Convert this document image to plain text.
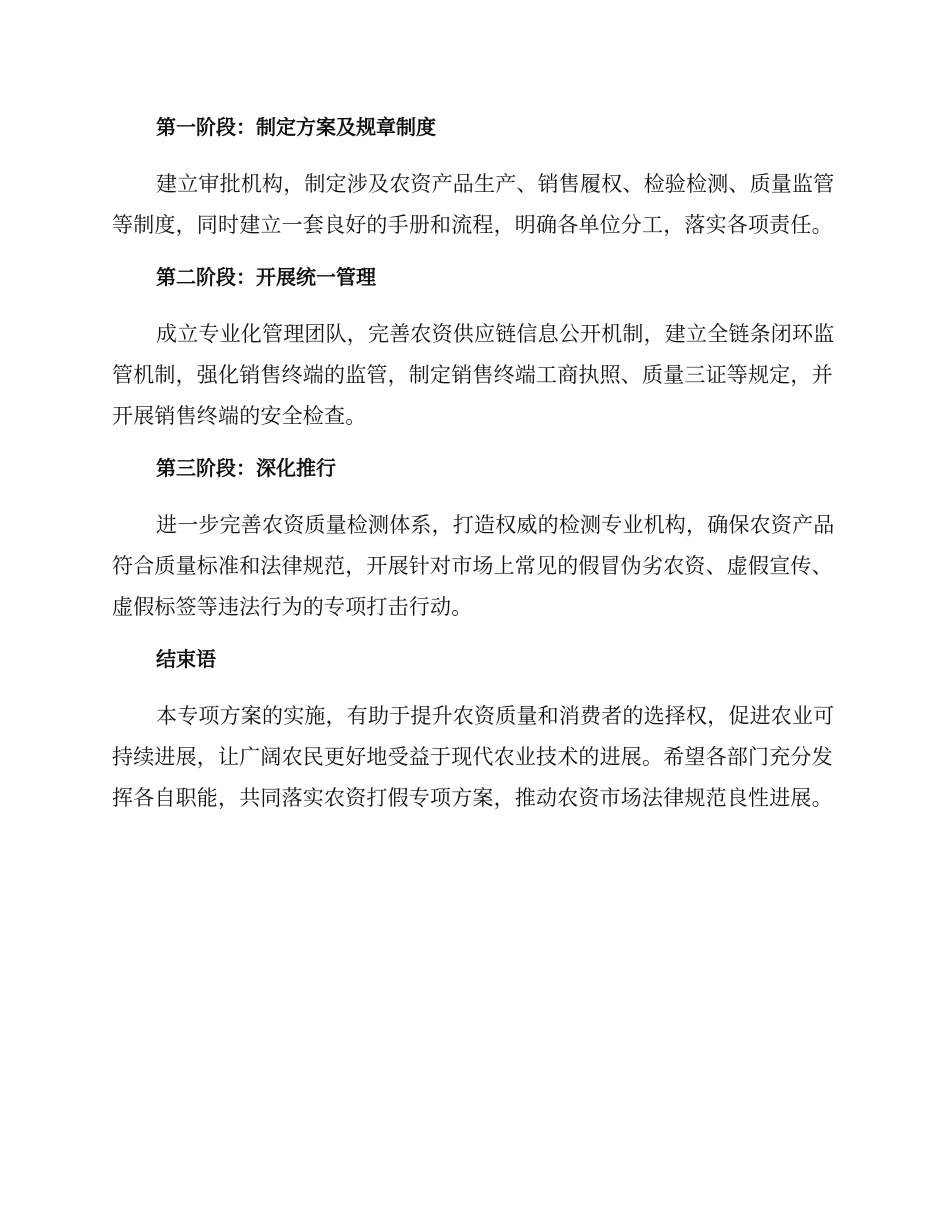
第一阶段：制定方案及规章制度

建立审批机构，制定涉及农资产品生产、销售履权、检验检测、质量监管等制度，同时建立一套良好的手册和流程，明确各单位分工，落实各项责任。

第二阶段：开展统一管理

成立专业化管理团队，完善农资供应链信息公开机制，建立全链条闭环监管机制，强化销售终端的监管，制定销售终端工商执照、质量三证等规定，并开展销售终端的安全检查。

第三阶段：深化推行

进一步完善农资质量检测体系，打造权威的检测专业机构，确保农资产品符合质量标准和法律规范，开展针对市场上常见的假冒伪劣农资、虚假宣传、虚假标签等违法行为的专项打击行动。

结束语

本专项方案的实施，有助于提升农资质量和消费者的选择权，促进农业可持续进展，让广阔农民更好地受益于现代农业技术的进展。希望各部门充分发挥各自职能，共同落实农资打假专项方案，推动农资市场法律规范良性进展。
